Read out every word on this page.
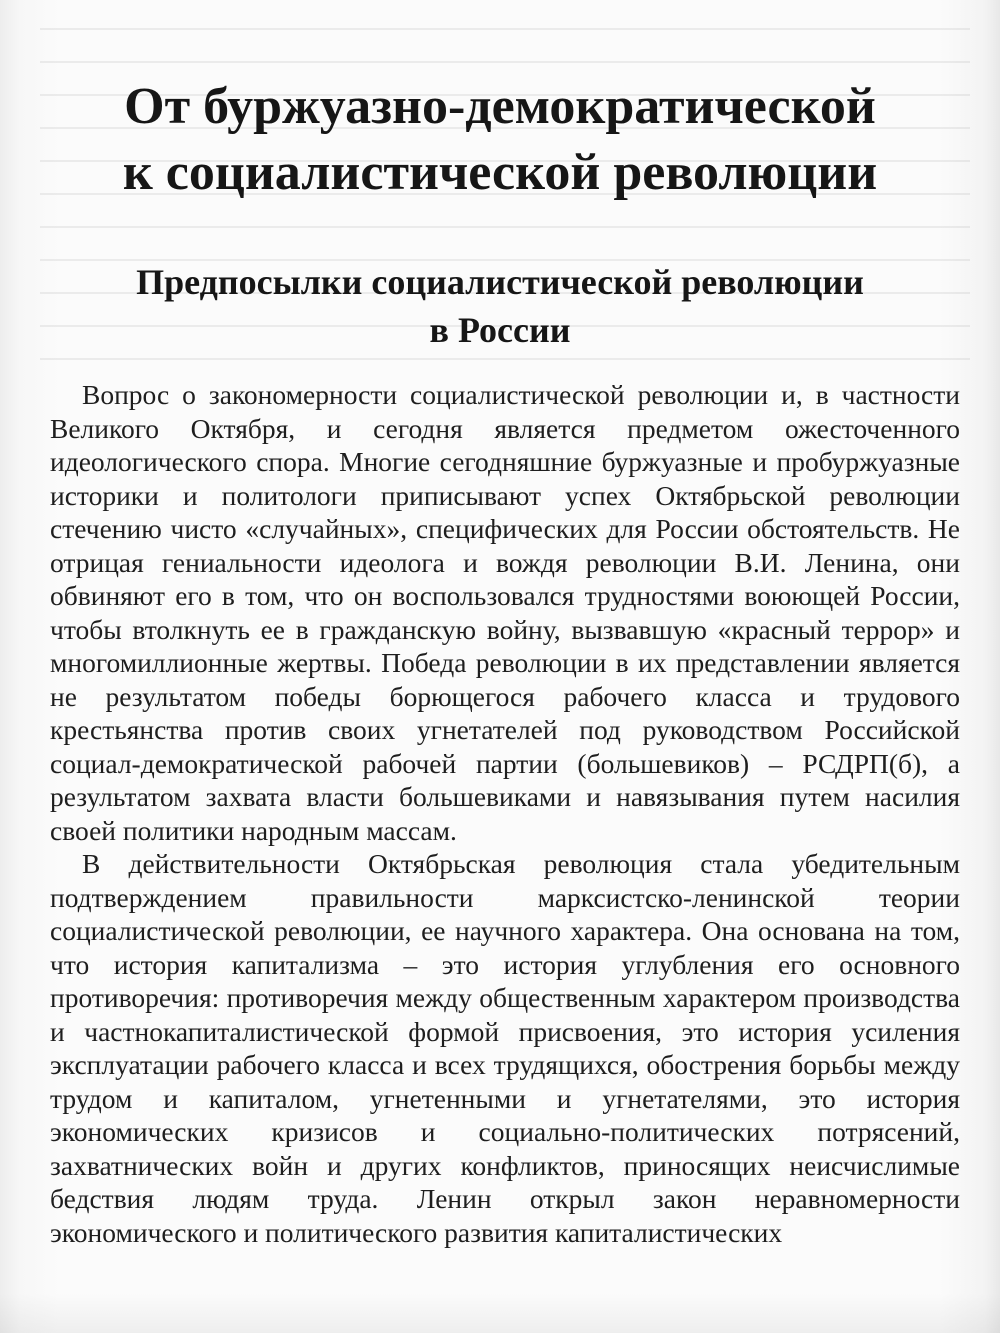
От буржуазно-демократической
к социалистической революции
Предпосылки социалистической революции
в России

Вопрос о закономерности социалистической революции и, в частности Великого Октября, и сегодня является предметом ожесточенного идеологического спора. Многие сегодняшние буржуазные и пробуржуазные историки и политологи приписывают успех Октябрьской революции стечению чисто «случайных», специфических для России обстоятельств. Не отрицая гениальности идеолога и вождя революции В.И. Ленина, они обвиняют его в том, что он воспользовался трудностями воюющей России, чтобы втолкнуть ее в гражданскую войну, вызвавшую «красный террор» и многомиллионные жертвы. Победа революции в их представлении является не результатом победы борющегося рабочего класса и трудового крестьянства против своих угнетателей под руководством Российской социал-демократической рабочей партии (большевиков) – РСДРП(б), а результатом захвата власти большевиками и навязывания путем насилия своей политики народным массам.

В действительности Октябрьская революция стала убедительным подтверждением правильности марксистско-ленинской теории социалистической революции, ее научного характера. Она основана на том, что история капитализма – это история углубления его основного противоречия: противоречия между общественным характером производства и частнокапиталистической формой присвоения, это история усиления эксплуатации рабочего класса и всех трудящихся, обострения борьбы между трудом и капиталом, угнетенными и угнетателями, это история экономических кризисов и социально-политических потрясений, захватнических войн и других конфликтов, приносящих неисчислимые бедствия людям труда. Ленин открыл закон неравномерности экономического и политического развития капиталистических
